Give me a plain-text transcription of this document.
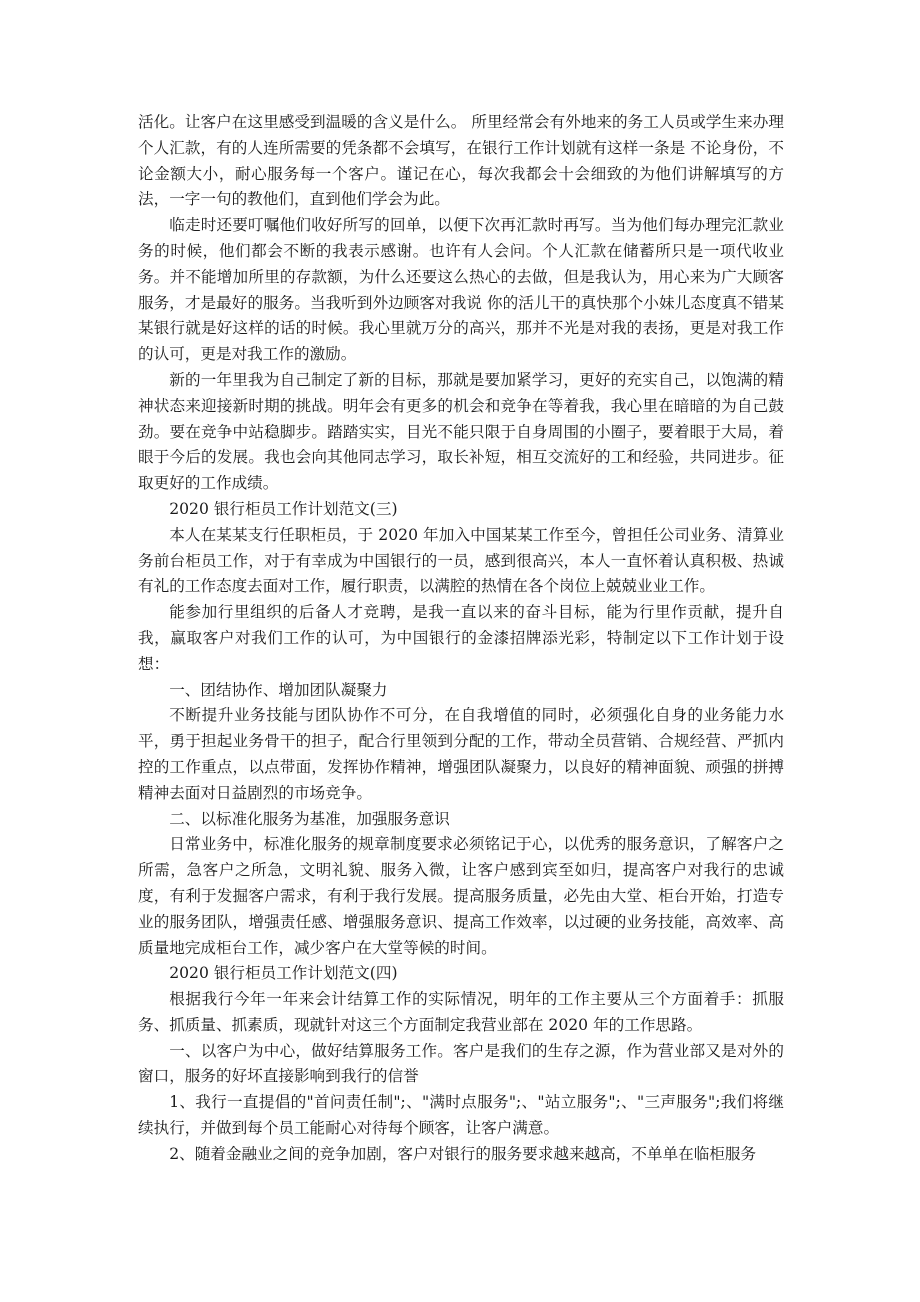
活化。让客户在这里感受到温暖的含义是什么。 所里经常会有外地来的务工人员或学生来办理个人汇款，有的人连所需要的凭条都不会填写，在银行工作计划就有这样一条是 不论身份，不论金额大小，耐心服务每一个客户。谨记在心，每次我都会十会细致的为他们讲解填写的方法，一字一句的教他们，直到他们学会为此。

临走时还要叮嘱他们收好所写的回单，以便下次再汇款时再写。当为他们每办理完汇款业务的时候，他们都会不断的我表示感谢。也许有人会问。个人汇款在储蓄所只是一项代收业务。并不能增加所里的存款额，为什么还要这么热心的去做，但是我认为，用心来为广大顾客服务，才是最好的服务。当我听到外边顾客对我说 你的活儿干的真快那个小妹儿态度真不错某某银行就是好这样的话的时候。我心里就万分的高兴，那并不光是对我的表扬，更是对我工作的认可，更是对我工作的激励。

新的一年里我为自己制定了新的目标，那就是要加紧学习，更好的充实自己，以饱满的精神状态来迎接新时期的挑战。明年会有更多的机会和竞争在等着我，我心里在暗暗的为自己鼓劲。要在竞争中站稳脚步。踏踏实实，目光不能只限于自身周围的小圈子，要着眼于大局，着眼于今后的发展。我也会向其他同志学习，取长补短，相互交流好的工和经验，共同进步。征取更好的工作成绩。

2020 银行柜员工作计划范文(三)

本人在某某支行任职柜员，于 2020 年加入中国某某工作至今，曾担任公司业务、清算业务前台柜员工作，对于有幸成为中国银行的一员，感到很高兴，本人一直怀着认真积极、热诚有礼的工作态度去面对工作，履行职责，以满腔的热情在各个岗位上兢兢业业工作。

能参加行里组织的后备人才竞聘，是我一直以来的奋斗目标，能为行里作贡献，提升自我，赢取客户对我们工作的认可，为中国银行的金漆招牌添光彩，特制定以下工作计划于设想：

一、团结协作、增加团队凝聚力

不断提升业务技能与团队协作不可分，在自我增值的同时，必须强化自身的业务能力水平，勇于担起业务骨干的担子，配合行里领到分配的工作，带动全员营销、合规经营、严抓内控的工作重点，以点带面，发挥协作精神，增强团队凝聚力，以良好的精神面貌、顽强的拼搏精神去面对日益剧烈的市场竞争。

二、以标准化服务为基准，加强服务意识

日常业务中，标准化服务的规章制度要求必须铭记于心，以优秀的服务意识，了解客户之所需，急客户之所急，文明礼貌、服务入微，让客户感到宾至如归，提高客户对我行的忠诚度，有利于发掘客户需求，有利于我行发展。提高服务质量，必先由大堂、柜台开始，打造专业的服务团队，增强责任感、增强服务意识、提高工作效率，以过硬的业务技能，高效率、高质量地完成柜台工作，减少客户在大堂等候的时间。

2020 银行柜员工作计划范文(四)

根据我行今年一年来会计结算工作的实际情况，明年的工作主要从三个方面着手：抓服务、抓质量、抓素质，现就针对这三个方面制定我营业部在 2020 年的工作思路。

一、以客户为中心，做好结算服务工作。客户是我们的生存之源，作为营业部又是对外的窗口，服务的好坏直接影响到我行的信誉

1、我行一直提倡的"首问责任制";、"满时点服务";、"站立服务";、"三声服务";我们将继续执行，并做到每个员工能耐心对待每个顾客，让客户满意。

2、随着金融业之间的竞争加剧，客户对银行的服务要求越来越高，不单单在临柜服务
